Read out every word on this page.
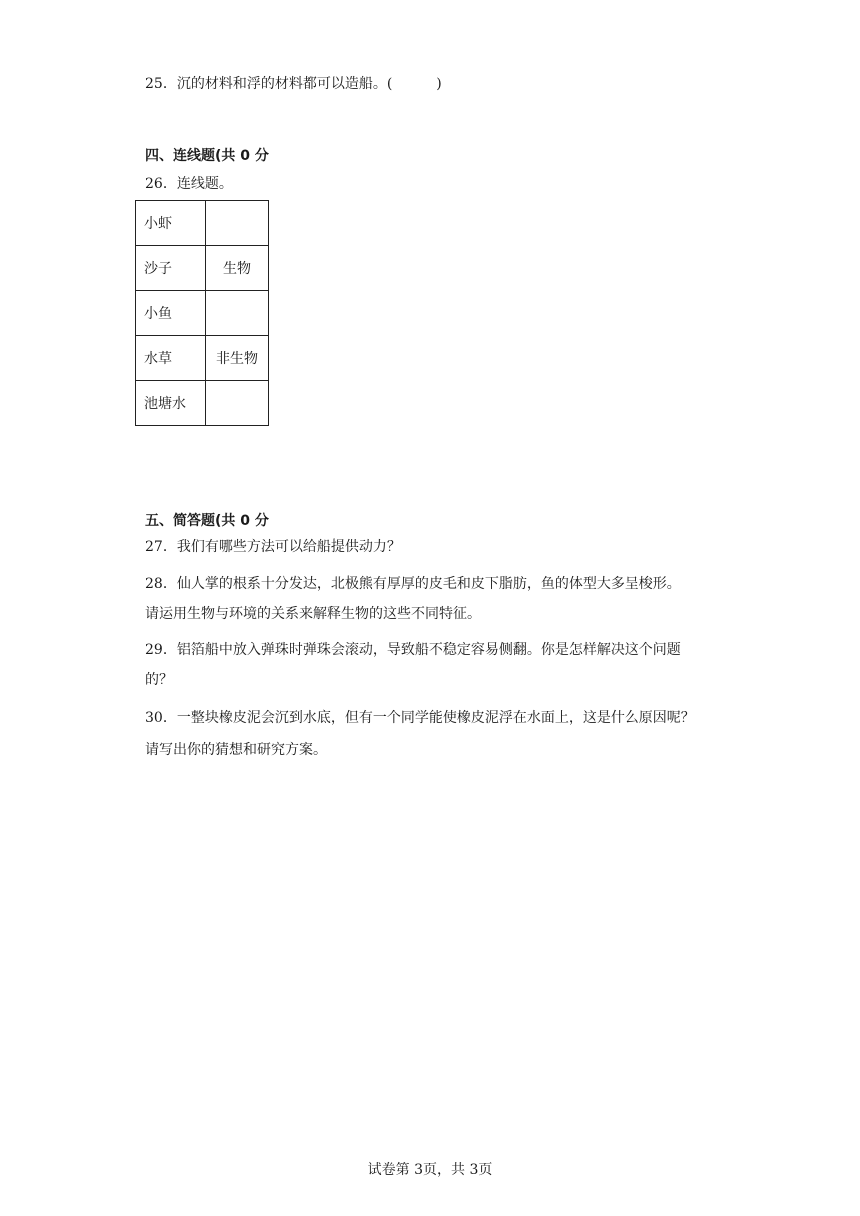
25．沉的材料和浮的材料都可以造船。(	)
四、连线题(共 0 分
26．连线题。
小虾	
沙子	生物
小鱼	
水草	非生物
池塘水	
五、简答题(共 0 分
27．我们有哪些方法可以给船提供动力？
28．仙人掌的根系十分发达，北极熊有厚厚的皮毛和皮下脂肪，鱼的体型大多呈梭形。
请运用生物与环境的关系来解释生物的这些不同特征。
29．铝箔船中放入弹珠时弹珠会滚动，导致船不稳定容易侧翻。你是怎样解决这个问题
的？
30．一整块橡皮泥会沉到水底，但有一个同学能使橡皮泥浮在水面上，这是什么原因呢？
请写出你的猜想和研究方案。
试卷第 3页，共 3页
